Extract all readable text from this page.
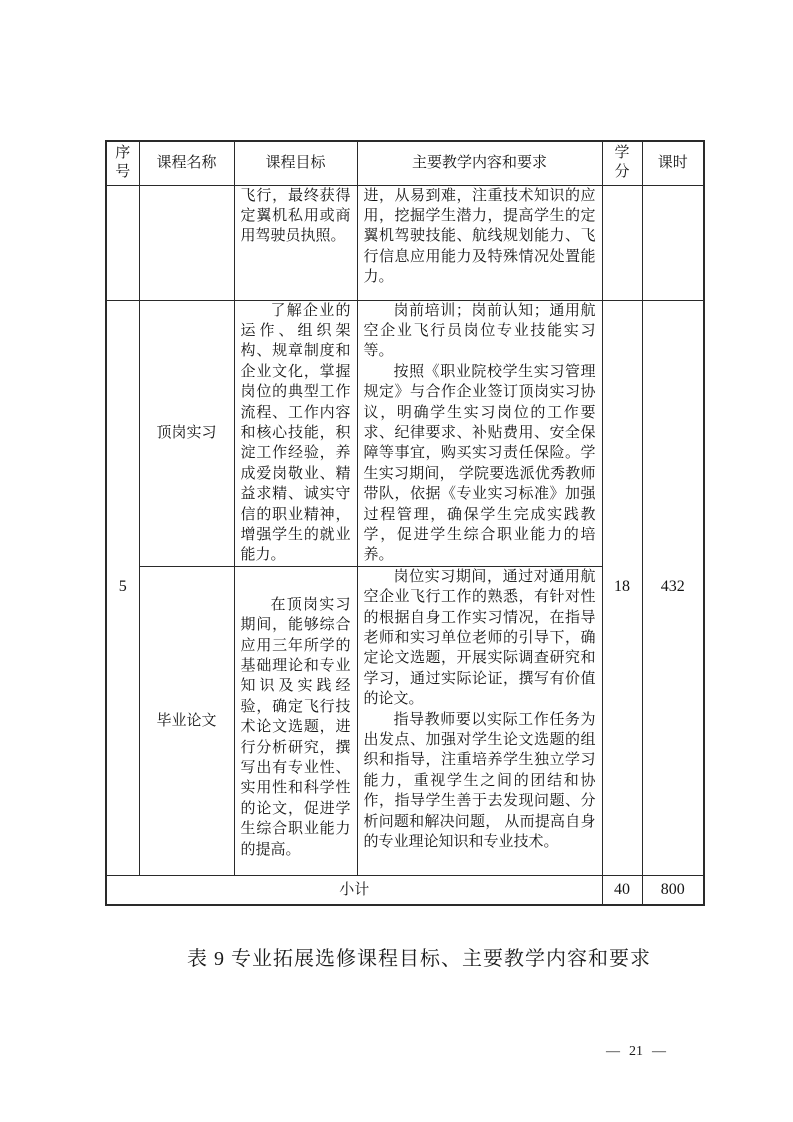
序号	课程名称	课程目标	主要教学内容和要求	学分	课时

		飞行，最终获得定翼机私用或商用驾驶员执照。	进，从易到难，注重技术知识的应用，挖掘学生潜力，提高学生的定翼机驾驶技能、航线规划能力、飞行信息应用能力及特殊情况处置能力。		

5	顶岗实习	了解企业的运作、组织架构、规章制度和企业文化，掌握岗位的典型工作流程、工作内容和核心技能，积淀工作经验，养成爱岗敬业、精益求精、诚实守信的职业精神，增强学生的就业能力。	岗前培训；岗前认知；通用航空企业飞行员岗位专业技能实习等。

按照《职业院校学生实习管理规定》与合作企业签订顶岗实习协议，明确学生实习岗位的工作要求、纪律要求、补贴费用、安全保障等事宜，购买实习责任保险。学生实习期间， 学院要选派优秀教师带队，依据《专业实习标准》加强过程管理，确保学生完成实践教学，促进学生综合职业能力的培养。	18	432
	毕业论文	在顶岗实习期间，能够综合应用三年所学的基础理论和专业知识及实践经验，确定飞行技术论文选题，进行分析研究，撰写出有专业性、实用性和科学性的论文，促进学生综合职业能力的提高。	岗位实习期间，通过对通用航空企业飞行工作的熟悉，有针对性的根据自身工作实习情况，在指导老师和实习单位老师的引导下，确定论文选题，开展实际调查研究和学习，通过实际论证，撰写有价值的论文。

指导教师要以实际工作任务为出发点、加强对学生论文选题的组织和指导，注重培养学生独立学习能力，重视学生之间的团结和协作，指导学生善于去发现问题、分析问题和解决问题， 从而提高自身的专业理论知识和专业技术。		

小计				40	800
表 9 专业拓展选修课程目标、主要教学内容和要求
— 21 —
